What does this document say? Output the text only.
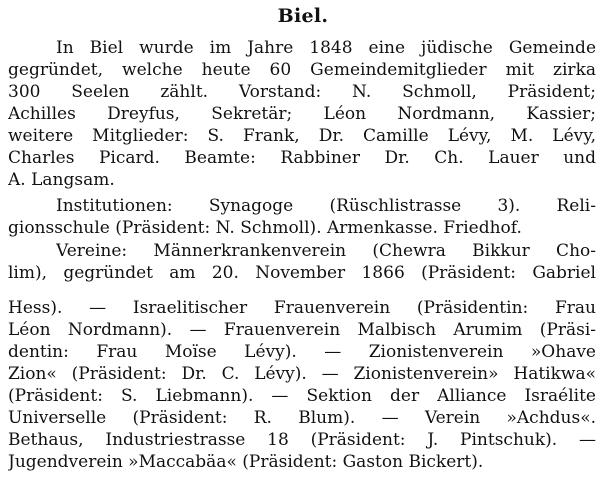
Biel.
In Biel wurde im Jahre 1848 eine jüdische Gemeinde
gegründet, welche heute 60 Gemeindemitglieder mit zirka
300 Seelen zählt. Vorstand: N. Schmoll, Präsident;
Achilles Dreyfus, Sekretär; Léon Nordmann, Kassier;
weitere Mitglieder: S. Frank, Dr. Camille Lévy, M. Lévy,
Charles Picard. Beamte: Rabbiner Dr. Ch. Lauer und
A. Langsam.
Institutionen: Synagoge (Rüschlistrasse 3). Reli-
gionsschule (Präsident: N. Schmoll). Armenkasse. Friedhof.
Vereine: Männerkrankenverein (Chewra Bikkur Cho-
lim), gegründet am 20. November 1866 (Präsident: Gabriel
Hess). — Israelitischer Frauenverein (Präsidentin: Frau
Léon Nordmann). — Frauenverein Malbisch Arumim (Präsi-
dentin: Frau Moïse Lévy). — Zionistenverein »Ohave
Zion« (Präsident: Dr. C. Lévy). — Zionistenverein» Hatikwa«
(Präsident: S. Liebmann). — Sektion der Alliance Israélite
Universelle (Präsident: R. Blum). — Verein »Achdus«.
Bethaus, Industriestrasse 18 (Präsident: J. Pintschuk). —
Jugendverein »Maccabäa« (Präsident: Gaston Bickert).
